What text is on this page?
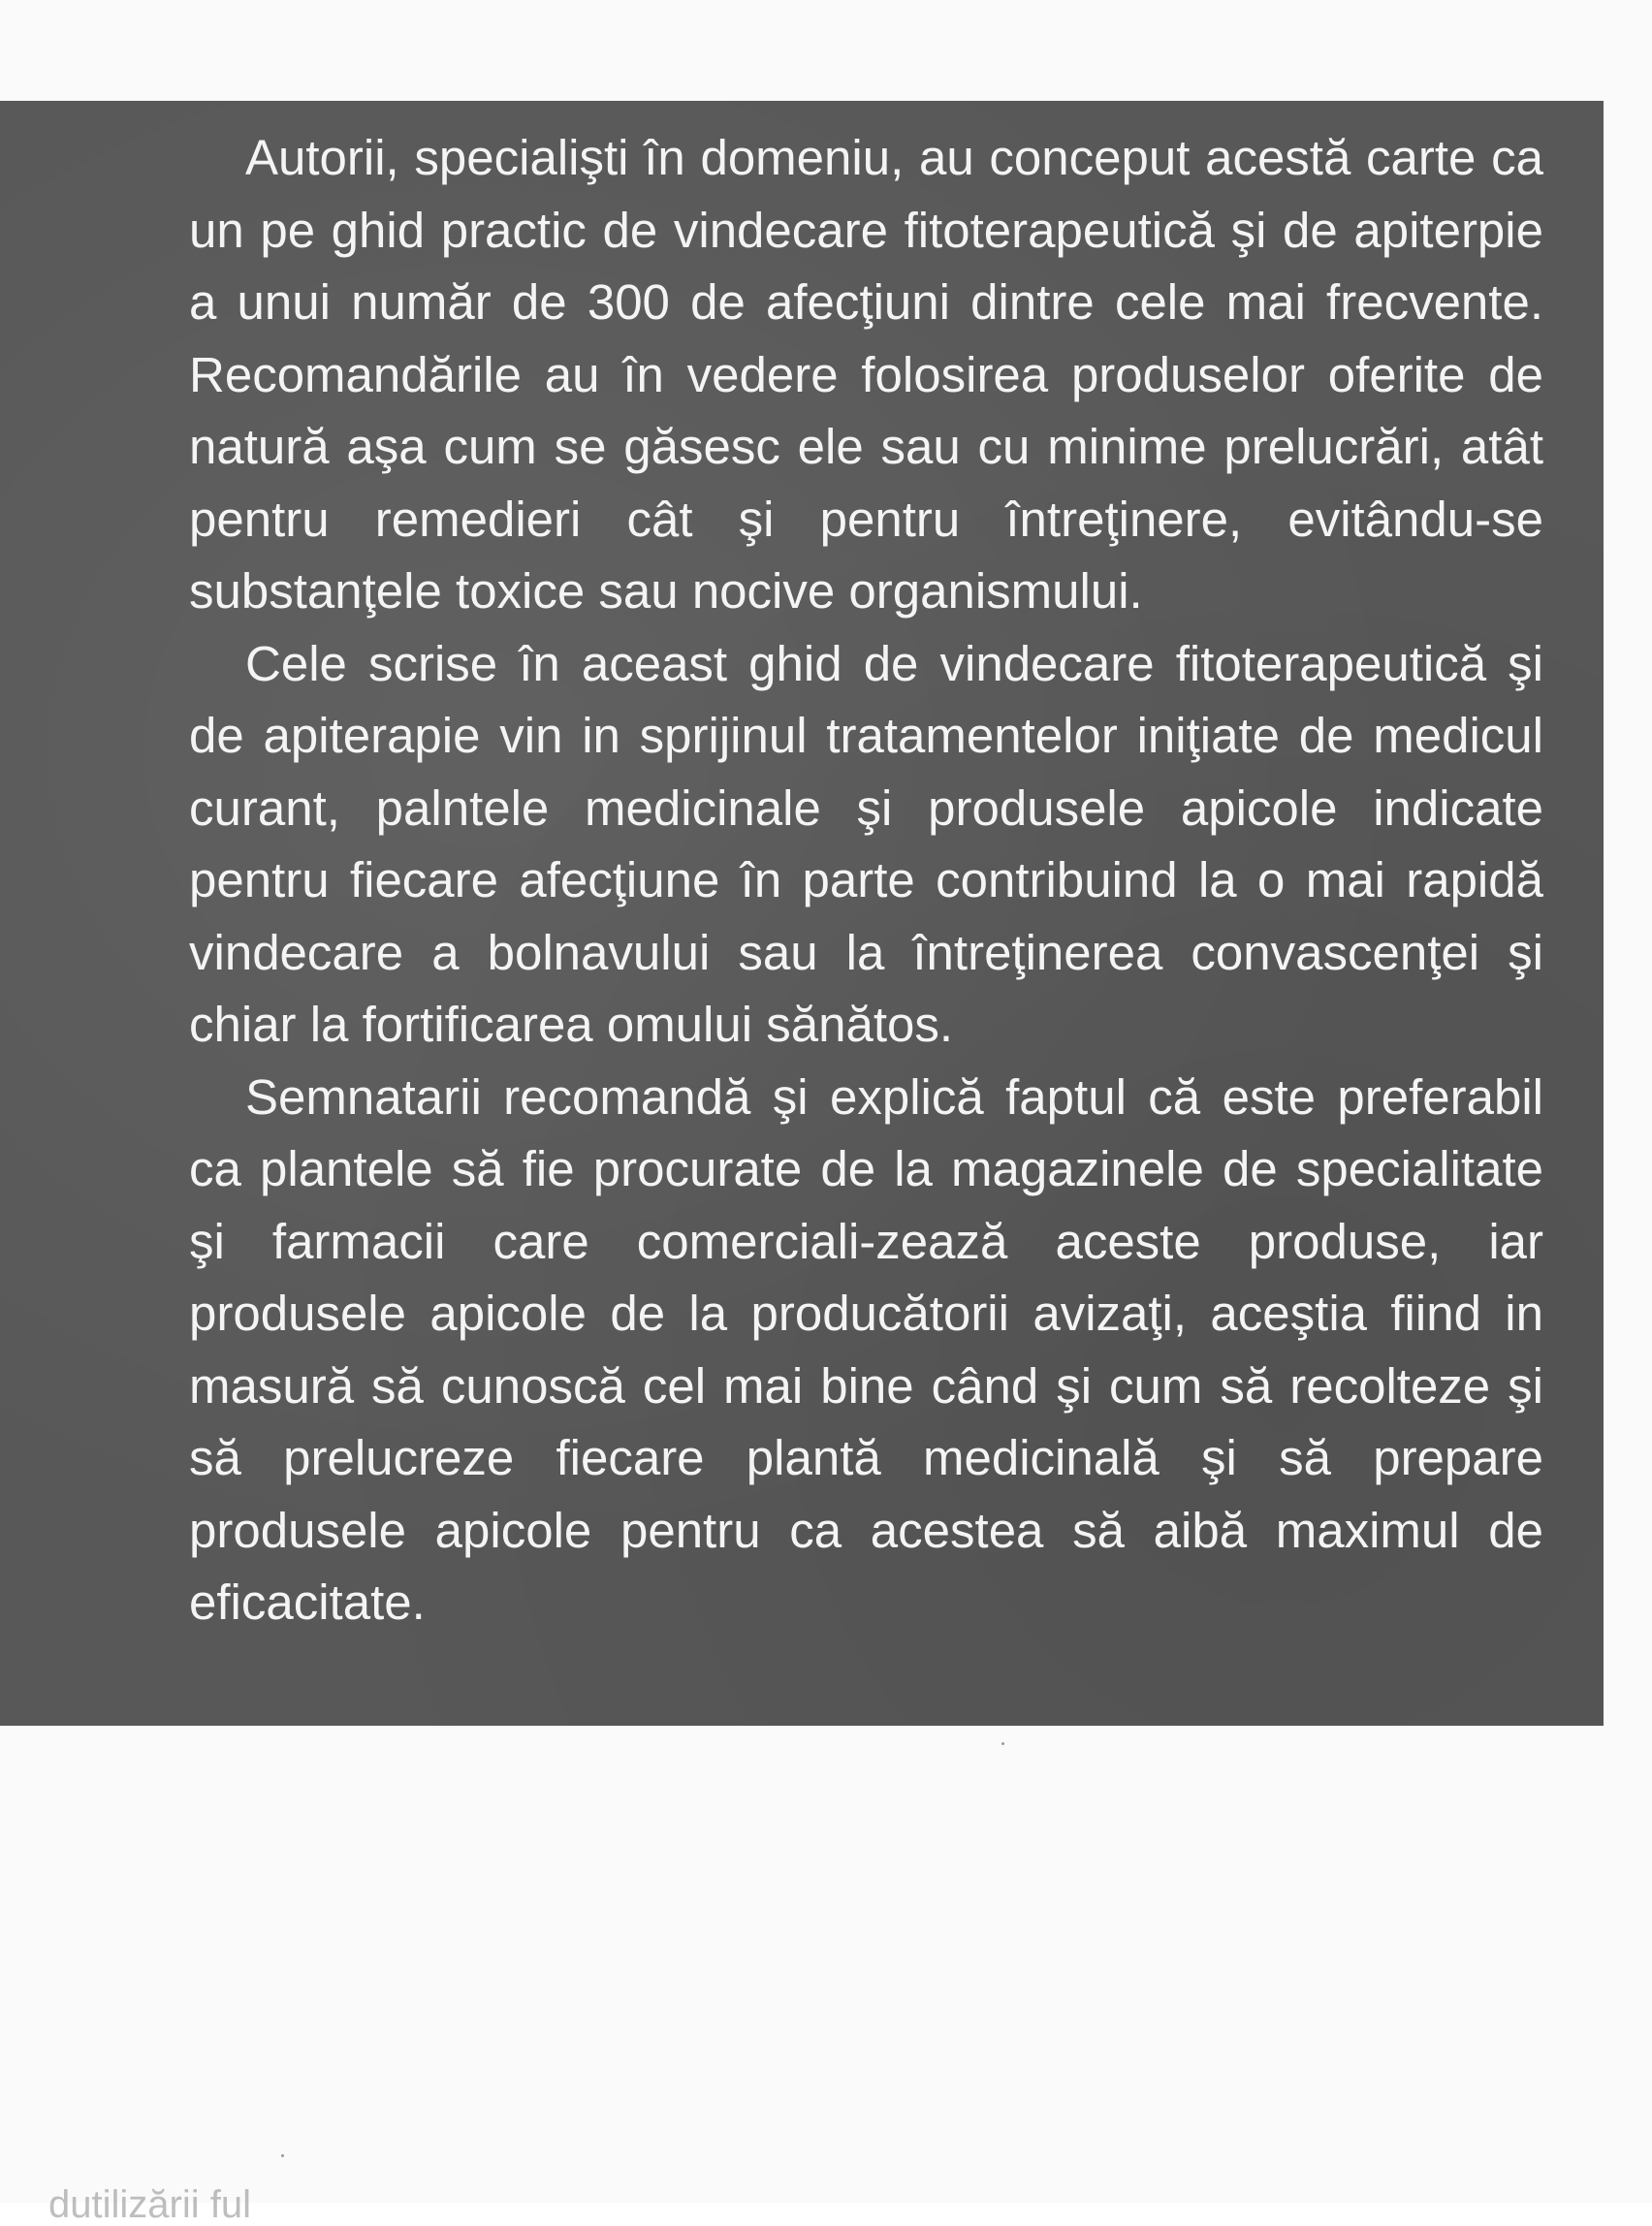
Autorii, specialişti în domeniu, au conceput acestă carte ca un pe ghid practic de vindecare fitoterapeutică şi de apiterpie a unui număr de 300 de afecţiuni dintre cele mai frecvente. Recomandările au în vedere folosirea produselor oferite de natură aşa cum se găsesc ele sau cu minime prelucrări, atât pentru remedieri cât şi pentru întreţinere, evitându-se substanţele toxice sau nocive organismului.

Cele scrise în aceast ghid de vindecare fitoterapeutică şi de apiterapie vin in sprijinul tratamentelor iniţiate de medicul curant, palntele medicinale şi produsele apicole indicate pentru fiecare afecţiune în parte contribuind la o mai rapidă vindecare a bolnavului sau la întreţinerea convascenţei şi chiar la fortificarea omului sănătos.

Semnatarii recomandă şi explică faptul că este preferabil ca plantele să fie procurate de la magazinele de specialitate şi farmacii care comerciali-zează aceste produse, iar produsele apicole de la producătorii avizaţi, aceştia fiind in masură să cunoscă cel mai bine când şi cum să recolteze şi să prelucreze fiecare plantă medicinală şi să prepare produsele apicole pentru ca acestea să aibă maximul de eficacitate.

dutilizării ful
